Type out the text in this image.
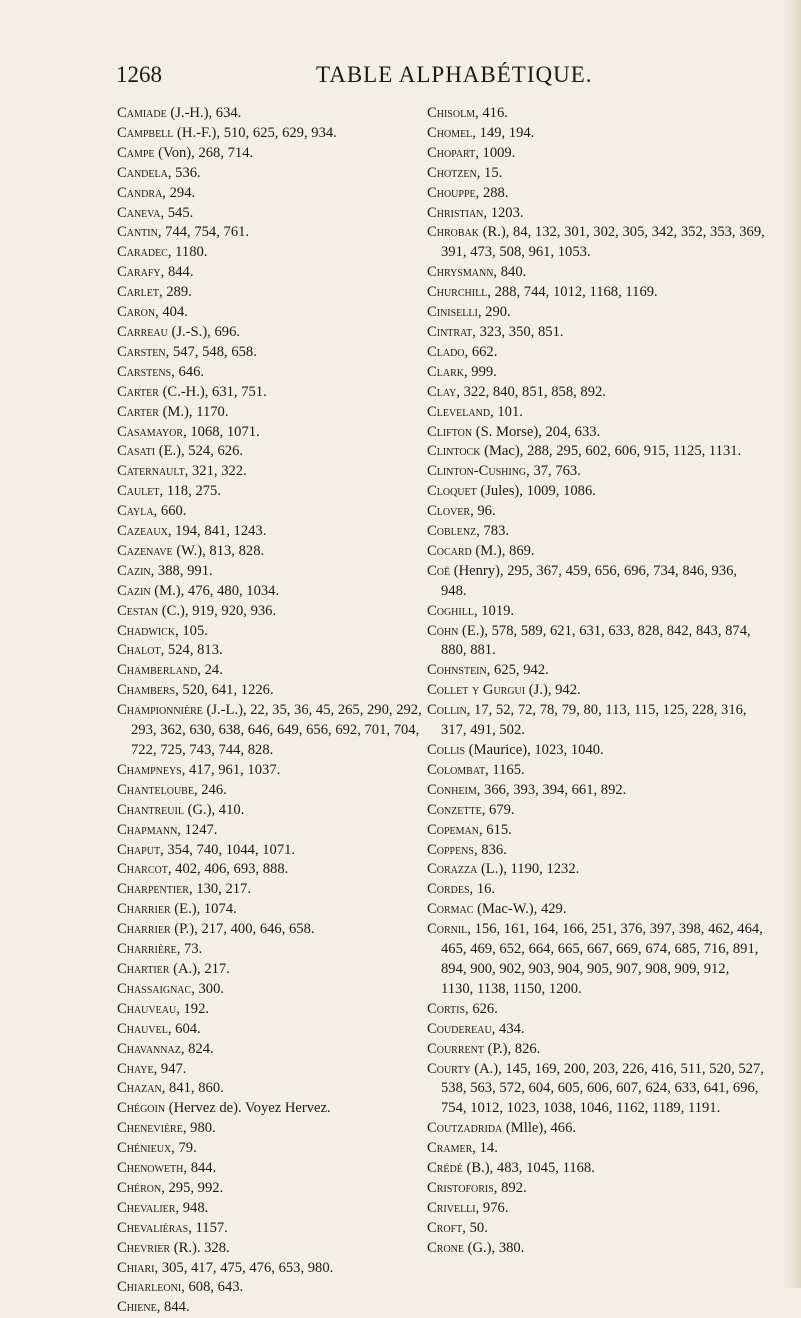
1268	TABLE ALPHABÉTIQUE.
Camiade (J.-H.), 634.
Campbell (H.-F.), 510, 625, 629, 934.
Campe (Von), 268, 714.
Candela, 536.
Candra, 294.
Caneva, 545.
Cantin, 744, 754, 761.
Caradec, 1180.
Carafy, 844.
Carlet, 289.
Caron, 404.
Carreau (J.-S.), 696.
Carsten, 547, 548, 658.
Carstens, 646.
Carter (C.-H.), 631, 751.
Carter (M.), 1170.
Casamayor, 1068, 1071.
Casati (E.), 524, 626.
Caternault, 321, 322.
Caulet, 118, 275.
Cayla, 660.
Cazeaux, 194, 841, 1243.
Cazenave (W.), 813, 828.
Cazin, 388, 991.
Cazin (M.), 476, 480, 1034.
Cestan (C.), 919, 920, 936.
Chadwick, 105.
Chalot, 524, 813.
Chamberland, 24.
Chambers, 520, 641, 1226.
Championnière (J.-L.), 22, 35, 36, 45, 265, 290, 292, 293, 362, 630, 638, 646, 649, 656, 692, 701, 704, 722, 725, 743, 744, 828.
Champneys, 417, 961, 1037.
Chanteloube, 246.
Chantreuil (G.), 410.
Chapmann, 1247.
Chaput, 354, 740, 1044, 1071.
Charcot, 402, 406, 693, 888.
Charpentier, 130, 217.
Charrier (E.), 1074.
Charrier (P.), 217, 400, 646, 658.
Charrière, 73.
Chartier (A.), 217.
Chassaignac, 300.
Chauveau, 192.
Chauvel, 604.
Chavannaz, 824.
Chaye, 947.
Chazan, 841, 860.
Chégoin (Hervez de). Voyez Hervez.
Chenevière, 980.
Chénieux, 79.
Chenoweth, 844.
Chéron, 295, 992.
Chevalier, 948.
Chevaliéras, 1157.
Chevrier (R.). 328.
Chiari, 305, 417, 475, 476, 653, 980.
Chiarleoni, 608, 643.
Chiene, 844.
Chisolm, 416.
Chomel, 149, 194.
Chopart, 1009.
Chotzen, 15.
Chouppe, 288.
Christian, 1203.
Chrobak (R.), 84, 132, 301, 302, 305, 342, 352, 353, 369, 391, 473, 508, 961, 1053.
Chrysmann, 840.
Churchill, 288, 744, 1012, 1168, 1169.
Ciniselli, 290.
Cintrat, 323, 350, 851.
Clado, 662.
Clark, 999.
Clay, 322, 840, 851, 858, 892.
Cleveland, 101.
Clifton (S. Morse), 204, 633.
Clintock (Mac), 288, 295, 602, 606, 915, 1125, 1131.
Clinton-Cushing, 37, 763.
Cloquet (Jules), 1009, 1086.
Clover, 96.
Coblenz, 783.
Cocard (M.), 869.
Coë (Henry), 295, 367, 459, 656, 696, 734, 846, 936, 948.
Coghill, 1019.
Cohn (E.), 578, 589, 621, 631, 633, 828, 842, 843, 874, 880, 881.
Cohnstein, 625, 942.
Collet y Gurgui (J.), 942.
Collin, 17, 52, 72, 78, 79, 80, 113, 115, 125, 228, 316, 317, 491, 502.
Collis (Maurice), 1023, 1040.
Colombat, 1165.
Conheim, 366, 393, 394, 661, 892.
Conzette, 679.
Copeman, 615.
Coppens, 836.
Corazza (L.), 1190, 1232.
Cordes, 16.
Cormac (Mac-W.), 429.
Cornil, 156, 161, 164, 166, 251, 376, 397, 398, 462, 464, 465, 469, 652, 664, 665, 667, 669, 674, 685, 716, 891, 894, 900, 902, 903, 904, 905, 907, 908, 909, 912, 1130, 1138, 1150, 1200.
Cortis, 626.
Coudereau, 434.
Courrent (P.), 826.
Courty (A.), 145, 169, 200, 203, 226, 416, 511, 520, 527, 538, 563, 572, 604, 605, 606, 607, 624, 633, 641, 696, 754, 1012, 1023, 1038, 1046, 1162, 1189, 1191.
Coutzadrida (Mlle), 466.
Cramer, 14.
Crédé (B.), 483, 1045, 1168.
Cristoforis, 892.
Crivelli, 976.
Croft, 50.
Crone (G.), 380.
